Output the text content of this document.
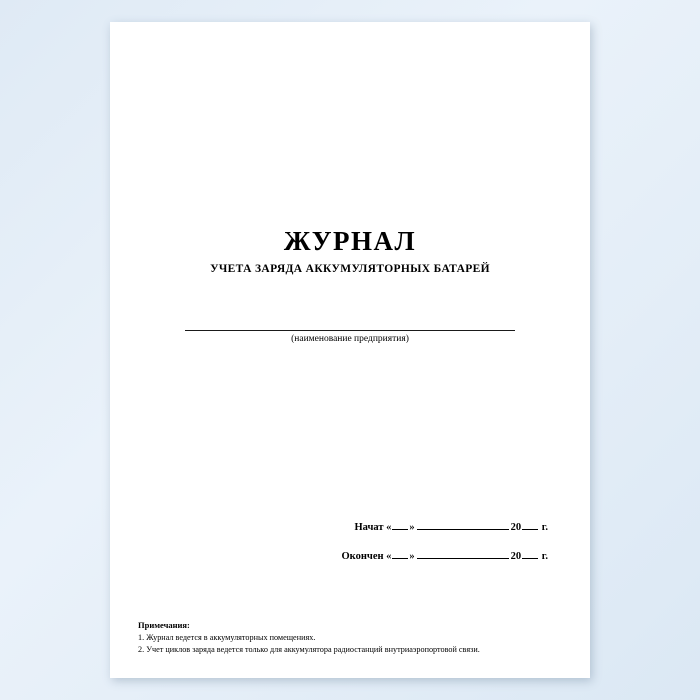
ЖУРНАЛ
УЧЕТА ЗАРЯДА АККУМУЛЯТОРНЫХ БАТАРЕЙ
(наименование предприятия)
Начат « »	20 г.
Окончен « »	20 г.
Примечания:
1. Журнал ведется в аккумуляторных помещениях.
2. Учет циклов заряда ведется только для аккумулятора радиостанций внутриаэропортовой связи.
